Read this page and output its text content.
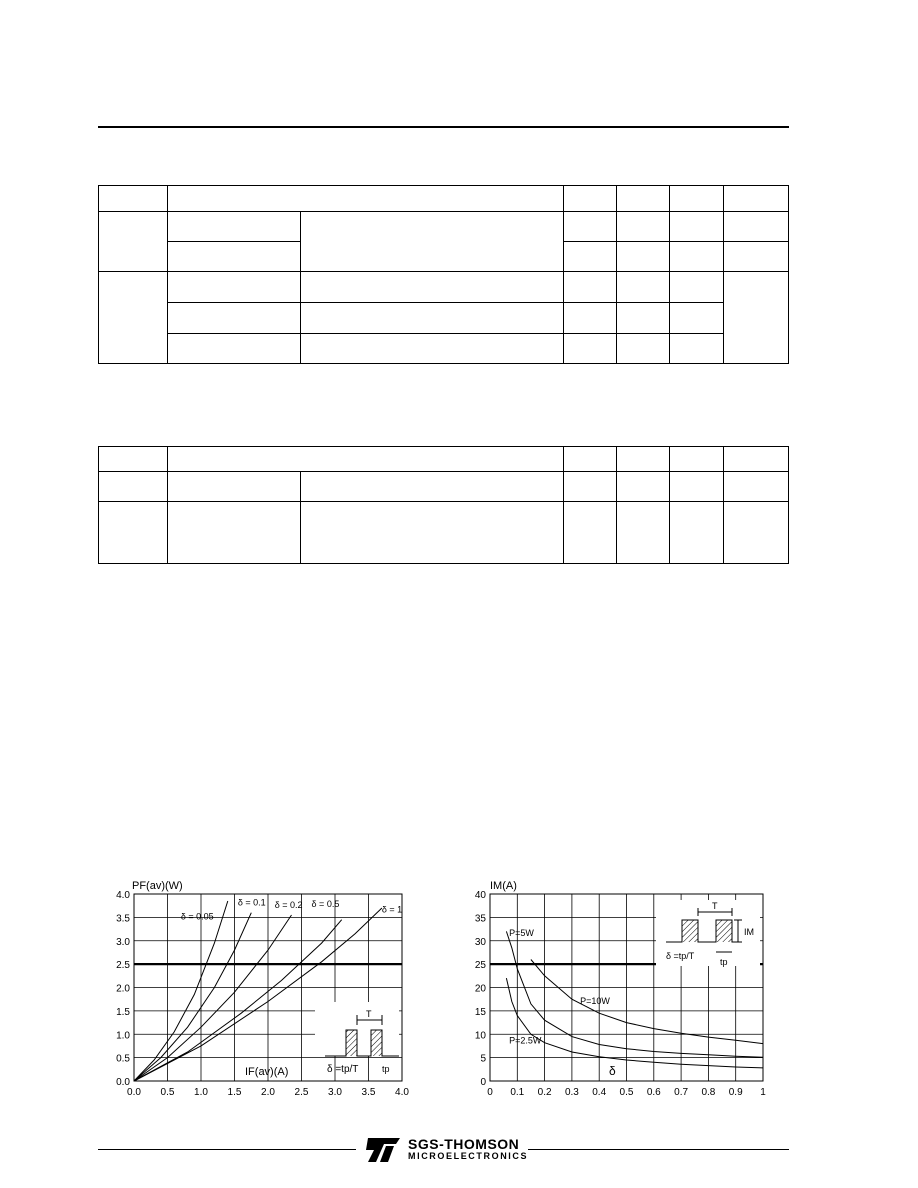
PF(av)(W)
0.0 0.5 1.0 1.5 2.0 2.5 3.0 3.5 4.0
0.0
0.5
1.0
1.5
2.0
2.5
3.0
3.5
4.0
δ = 0.05
δ = 0.1 δ = 0.2 δ = 0.5
δ = 1
T
δ =tp/T	tp
IF(av)(A)
IM(A)
0 0.1 0.2 0.3 0.4 0.5 0.6 0.7 0.8 0.9 1
0
5
10
15
20
25
30
35
40
P=5W
P=10W
P=2.5W
T
IM
tp
δ =tp/T
δ
SGS-THOMSON
MICROELECTRONICS
